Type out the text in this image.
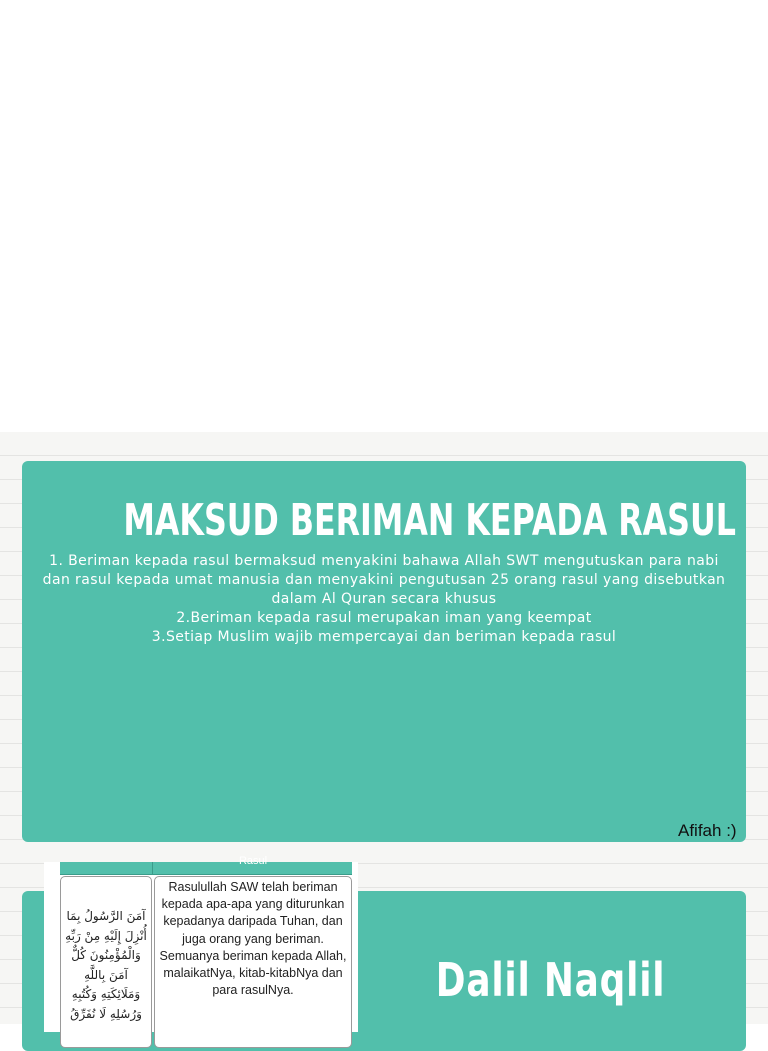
MAKSUD BERIMAN KEPADA RASUL

1. Beriman kepada rasul bermaksud menyakini bahawa Allah SWT mengutuskan para nabi dan rasul kepada umat manusia dan menyakini pengutusan 25 orang rasul yang disebutkan dalam Al Quran secara khusus

2.Beriman kepada rasul merupakan iman yang keempat

3.Setiap Muslim wajib mempercayai dan beriman kepada rasul

Afifah :)
Dalil Naqlil
Rasul
آمَنَ الرَّسُولُ بِمَا أُنْزِلَ إِلَيْهِ مِنْ رَبِّهِ وَالْمُؤْمِنُونَ كُلٌّ آمَنَ بِاللَّهِ وَمَلَائِكَتِهِ وَكُتُبِهِ وَرُسُلِهِ لَا نُفَرِّقُ
Rasulullah SAW telah beriman kepada apa-apa yang diturunkan kepadanya daripada Tuhan, dan juga orang yang beriman. Semuanya beriman kepada Allah, malaikatNya, kitab-kitabNya dan para rasulNya.
